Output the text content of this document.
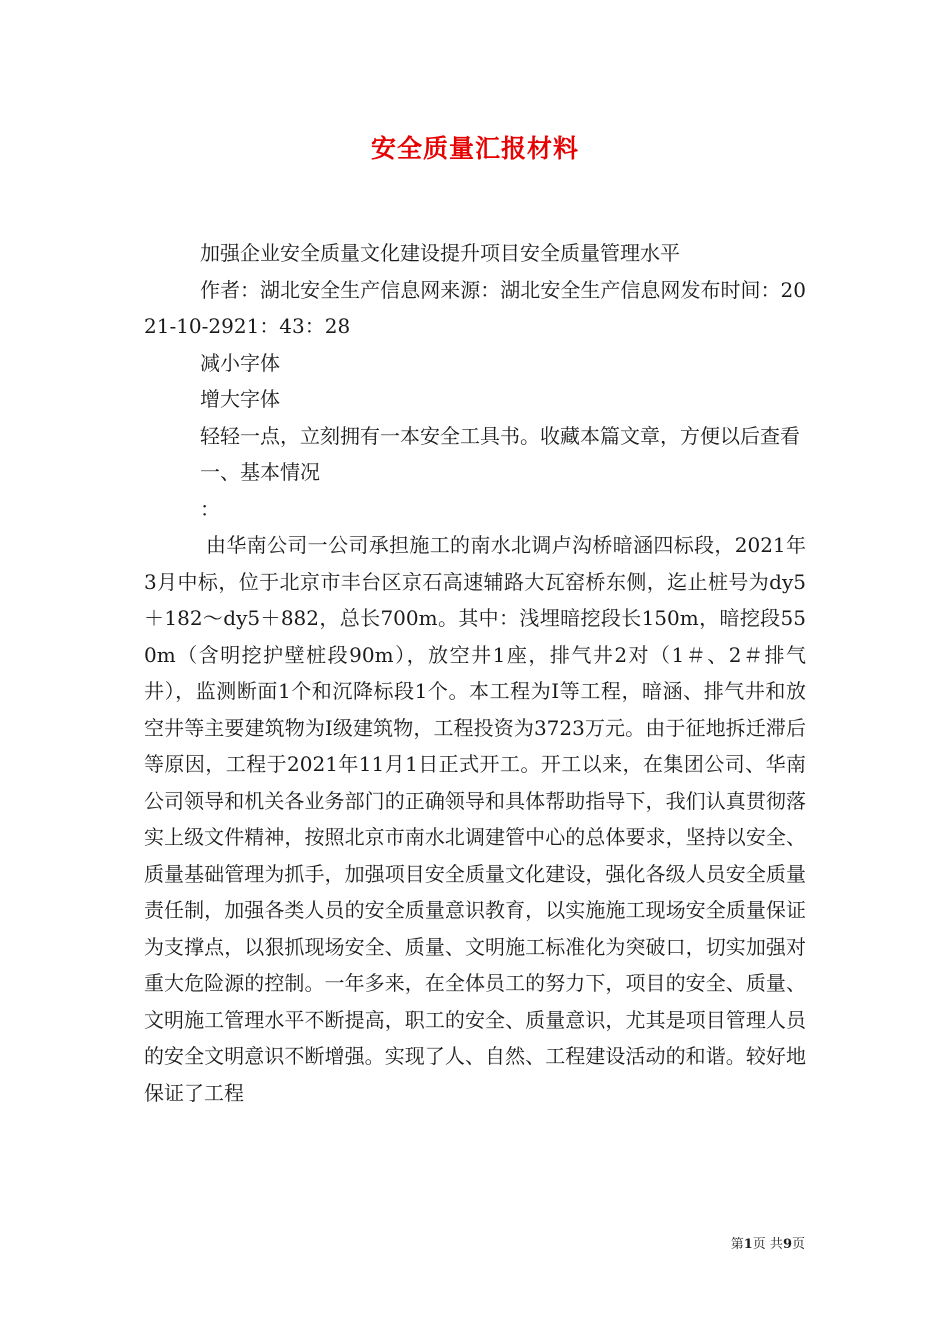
安全质量汇报材料

加强企业安全质量文化建设提升项目安全质量管理水平

作者：湖北安全生产信息网来源：湖北安全生产信息网发布时间：2021-10-2921：43：28

减小字体

增大字体

轻轻一点，立刻拥有一本安全工具书。收藏本篇文章，方便以后查看

一、基本情况

：

由华南公司一公司承担施工的南水北调卢沟桥暗涵四标段，2021年3月中标，位于北京市丰台区京石高速辅路大瓦窑桥东侧，迄止桩号为dy5＋182～dy5＋882，总长700m。其中：浅埋暗挖段长150m，暗挖段550m（含明挖护壁桩段90m），放空井1座，排气井2对（1＃、2＃排气井），监测断面1个和沉降标段1个。本工程为Ⅰ等工程，暗涵、排气井和放空井等主要建筑物为Ⅰ级建筑物，工程投资为3723万元。由于征地拆迁滞后等原因，工程于2021年11月1日正式开工。开工以来，在集团公司、华南公司领导和机关各业务部门的正确领导和具体帮助指导下，我们认真贯彻落实上级文件精神，按照北京市南水北调建管中心的总体要求，坚持以安全、质量基础管理为抓手，加强项目安全质量文化建设，强化各级人员安全质量责任制，加强各类人员的安全质量意识教育，以实施施工现场安全质量保证为支撑点，以狠抓现场安全、质量、文明施工标准化为突破口，切实加强对重大危险源的控制。一年多来，在全体员工的努力下，项目的安全、质量、文明施工管理水平不断提高，职工的安全、质量意识，尤其是项目管理人员的安全文明意识不断增强。实现了人、自然、工程建设活动的和谐。较好地保证了工程

第1页 共9页
